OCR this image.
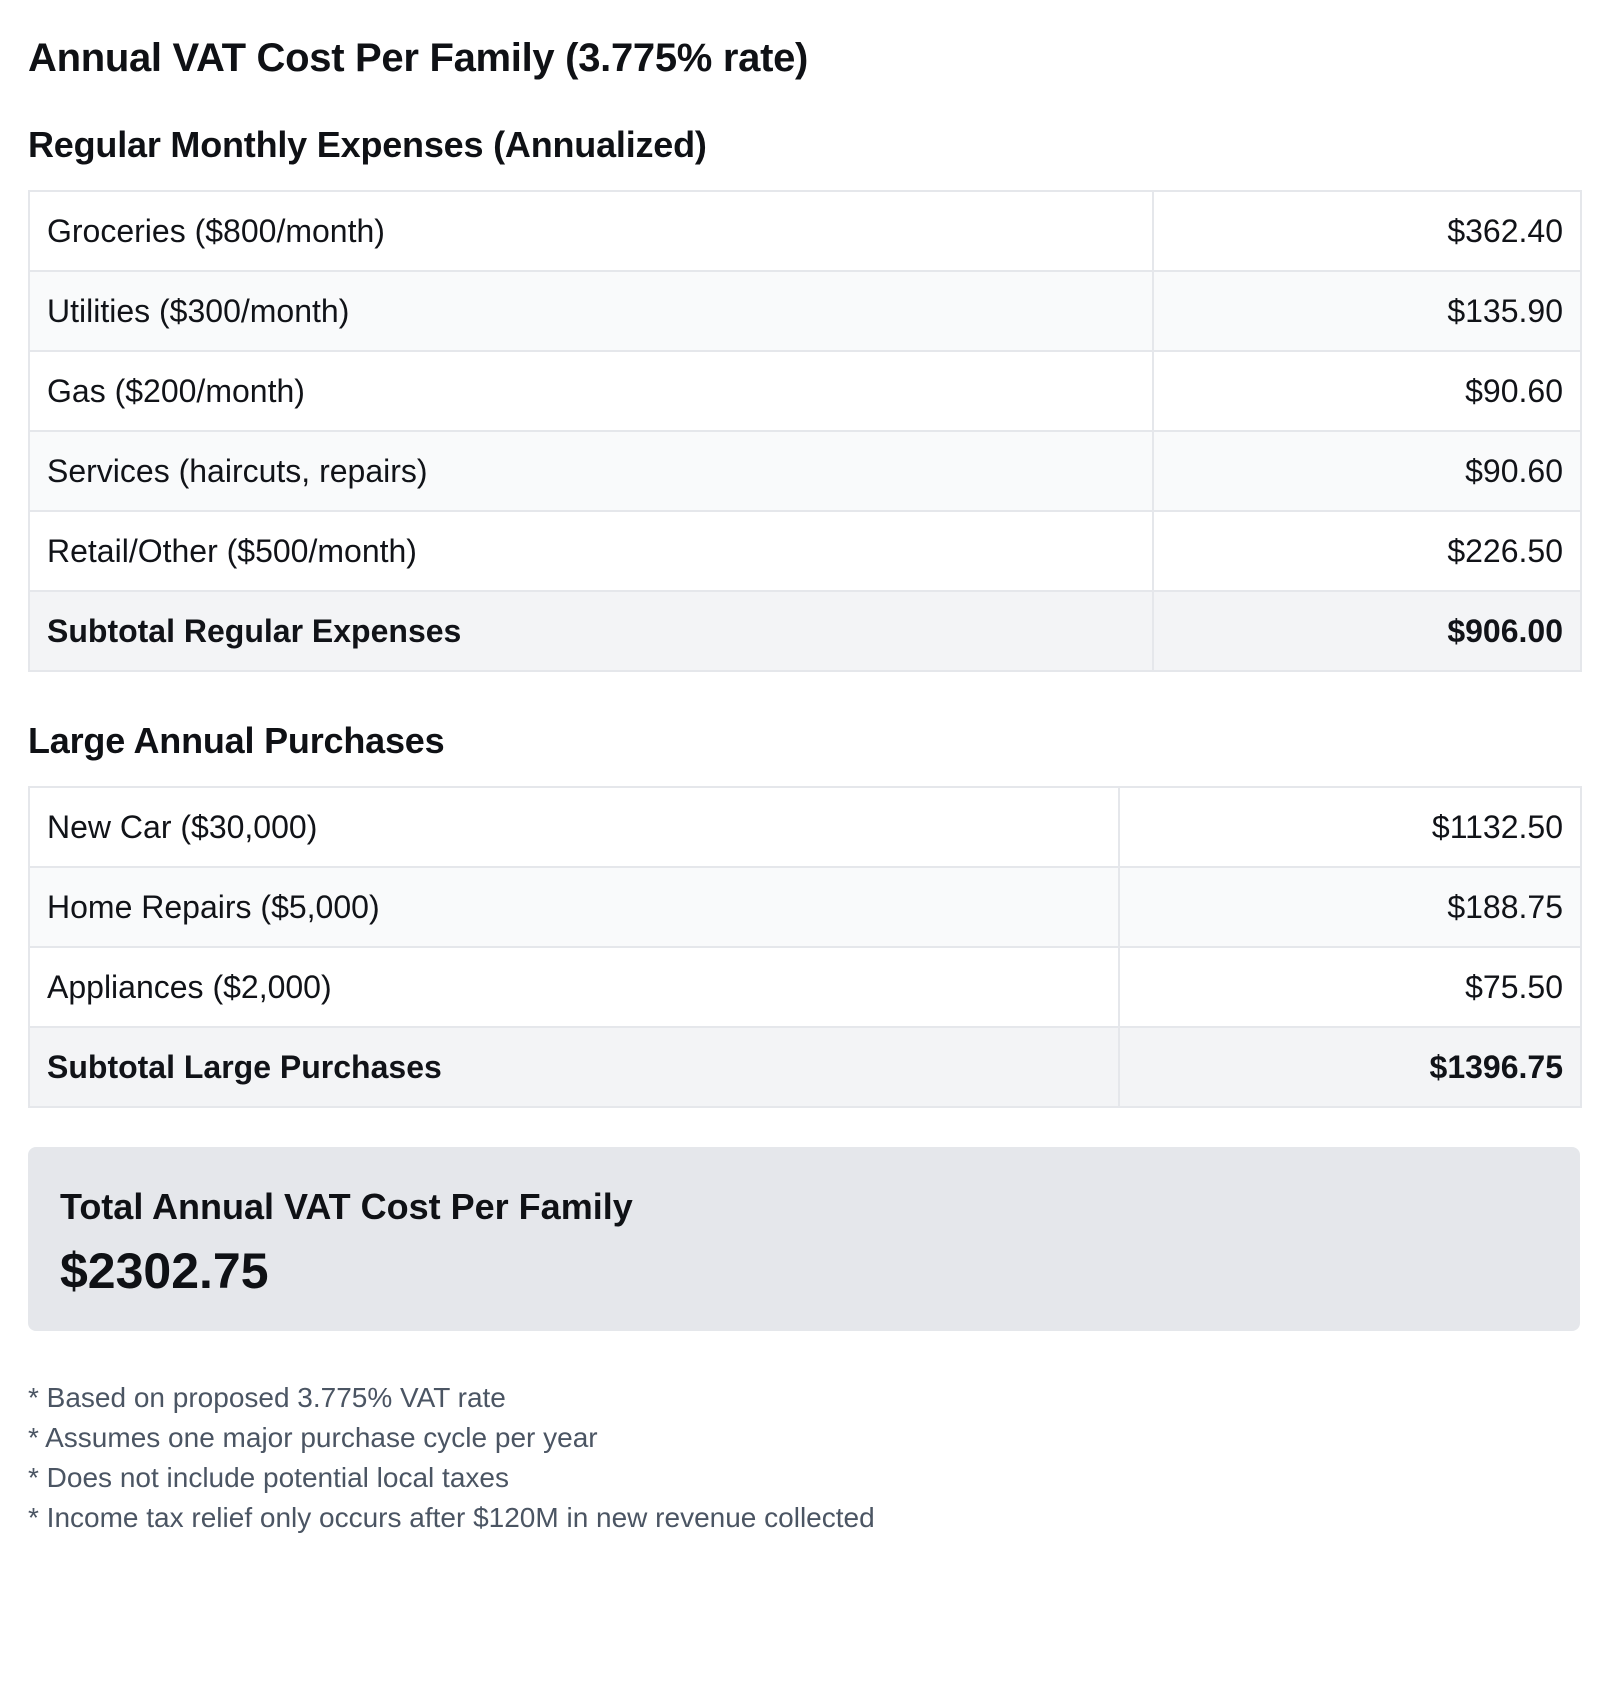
Annual VAT Cost Per Family (3.775% rate)
Regular Monthly Expenses (Annualized)
Groceries ($800/month)	$362.40
Utilities ($300/month)	$135.90
Gas ($200/month)	$90.60
Services (haircuts, repairs)	$90.60
Retail/Other ($500/month)	$226.50
Subtotal Regular Expenses	$906.00
Large Annual Purchases
New Car ($30,000)	$1132.50
Home Repairs ($5,000)	$188.75
Appliances ($2,000)	$75.50
Subtotal Large Purchases	$1396.75
Total Annual VAT Cost Per Family
$2302.75
* Based on proposed 3.775% VAT rate
* Assumes one major purchase cycle per year
* Does not include potential local taxes
* Income tax relief only occurs after $120M in new revenue collected
